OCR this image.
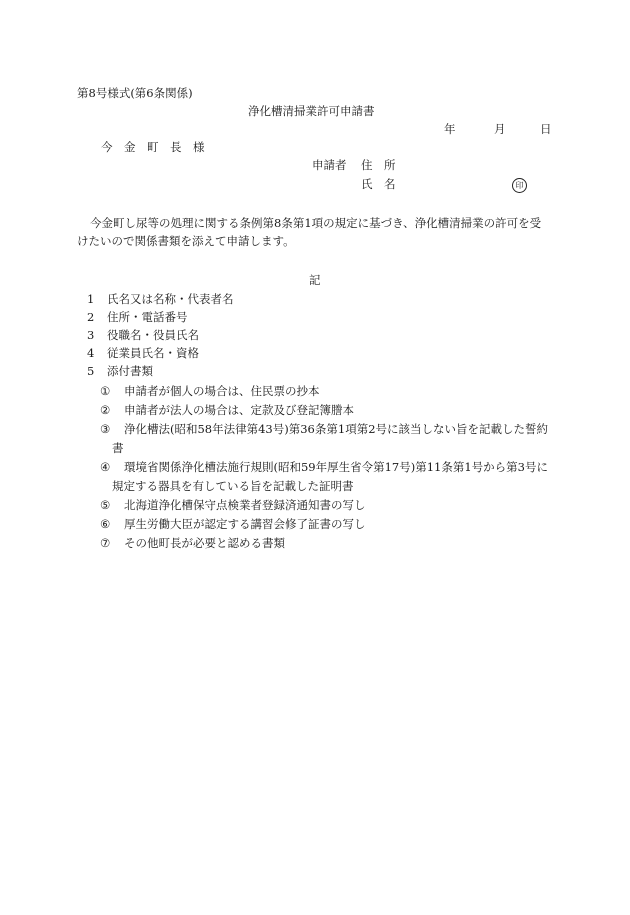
第8号様式(第6条関係)
浄化槽清掃業許可申請書
年	月	日
今　金　町　長　様
申請者 住　所
氏　名	印
今金町し尿等の処理に関する条例第8条第1項の規定に基づき、浄化槽清掃業の許可を受
けたいので関係書類を添えて申請します。
記
1 氏名又は名称・代表者名
2 住所・電話番号
3 役職名・役員氏名
4 従業員氏名・資格
5 添付書類
① 申請者が個人の場合は、住民票の抄本
② 申請者が法人の場合は、定款及び登記簿謄本
③ 浄化槽法(昭和58年法律第43号)第36条第1項第2号に該当しない旨を記載した誓約
書
④ 環境省関係浄化槽法施行規則(昭和59年厚生省令第17号)第11条第1号から第3号に
規定する器具を有している旨を記載した証明書
⑤ 北海道浄化槽保守点検業者登録済通知書の写し
⑥ 厚生労働大臣が認定する講習会修了証書の写し
⑦ その他町長が必要と認める書類
